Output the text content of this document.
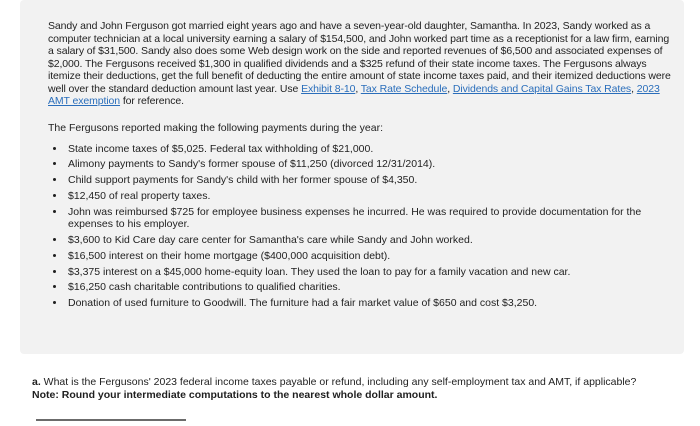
Sandy and John Ferguson got married eight years ago and have a seven-year-old daughter, Samantha. In 2023, Sandy worked as a computer technician at a local university earning a salary of $154,500, and John worked part time as a receptionist for a law firm, earning a salary of $31,500. Sandy also does some Web design work on the side and reported revenues of $6,500 and associated expenses of $2,000. The Fergusons received $1,300 in qualified dividends and a $325 refund of their state income taxes. The Fergusons always itemize their deductions, get the full benefit of deducting the entire amount of state income taxes paid, and their itemized deductions were well over the standard deduction amount last year. Use Exhibit 8-10, Tax Rate Schedule, Dividends and Capital Gains Tax Rates, 2023 AMT exemption for reference.

The Fergusons reported making the following payments during the year:

• State income taxes of $5,025. Federal tax withholding of $21,000.
• Alimony payments to Sandy's former spouse of $11,250 (divorced 12/31/2014).
• Child support payments for Sandy's child with her former spouse of $4,350.
• $12,450 of real property taxes.
• John was reimbursed $725 for employee business expenses he incurred. He was required to provide documentation for the expenses to his employer.
• $3,600 to Kid Care day care center for Samantha's care while Sandy and John worked.
• $16,500 interest on their home mortgage ($400,000 acquisition debt).
• $3,375 interest on a $45,000 home-equity loan. They used the loan to pay for a family vacation and new car.
• $16,250 cash charitable contributions to qualified charities.
• Donation of used furniture to Goodwill. The furniture had a fair market value of $650 and cost $3,250.

a. What is the Fergusons' 2023 federal income taxes payable or refund, including any self-employment tax and AMT, if applicable?

Note: Round your intermediate computations to the nearest whole dollar amount.
